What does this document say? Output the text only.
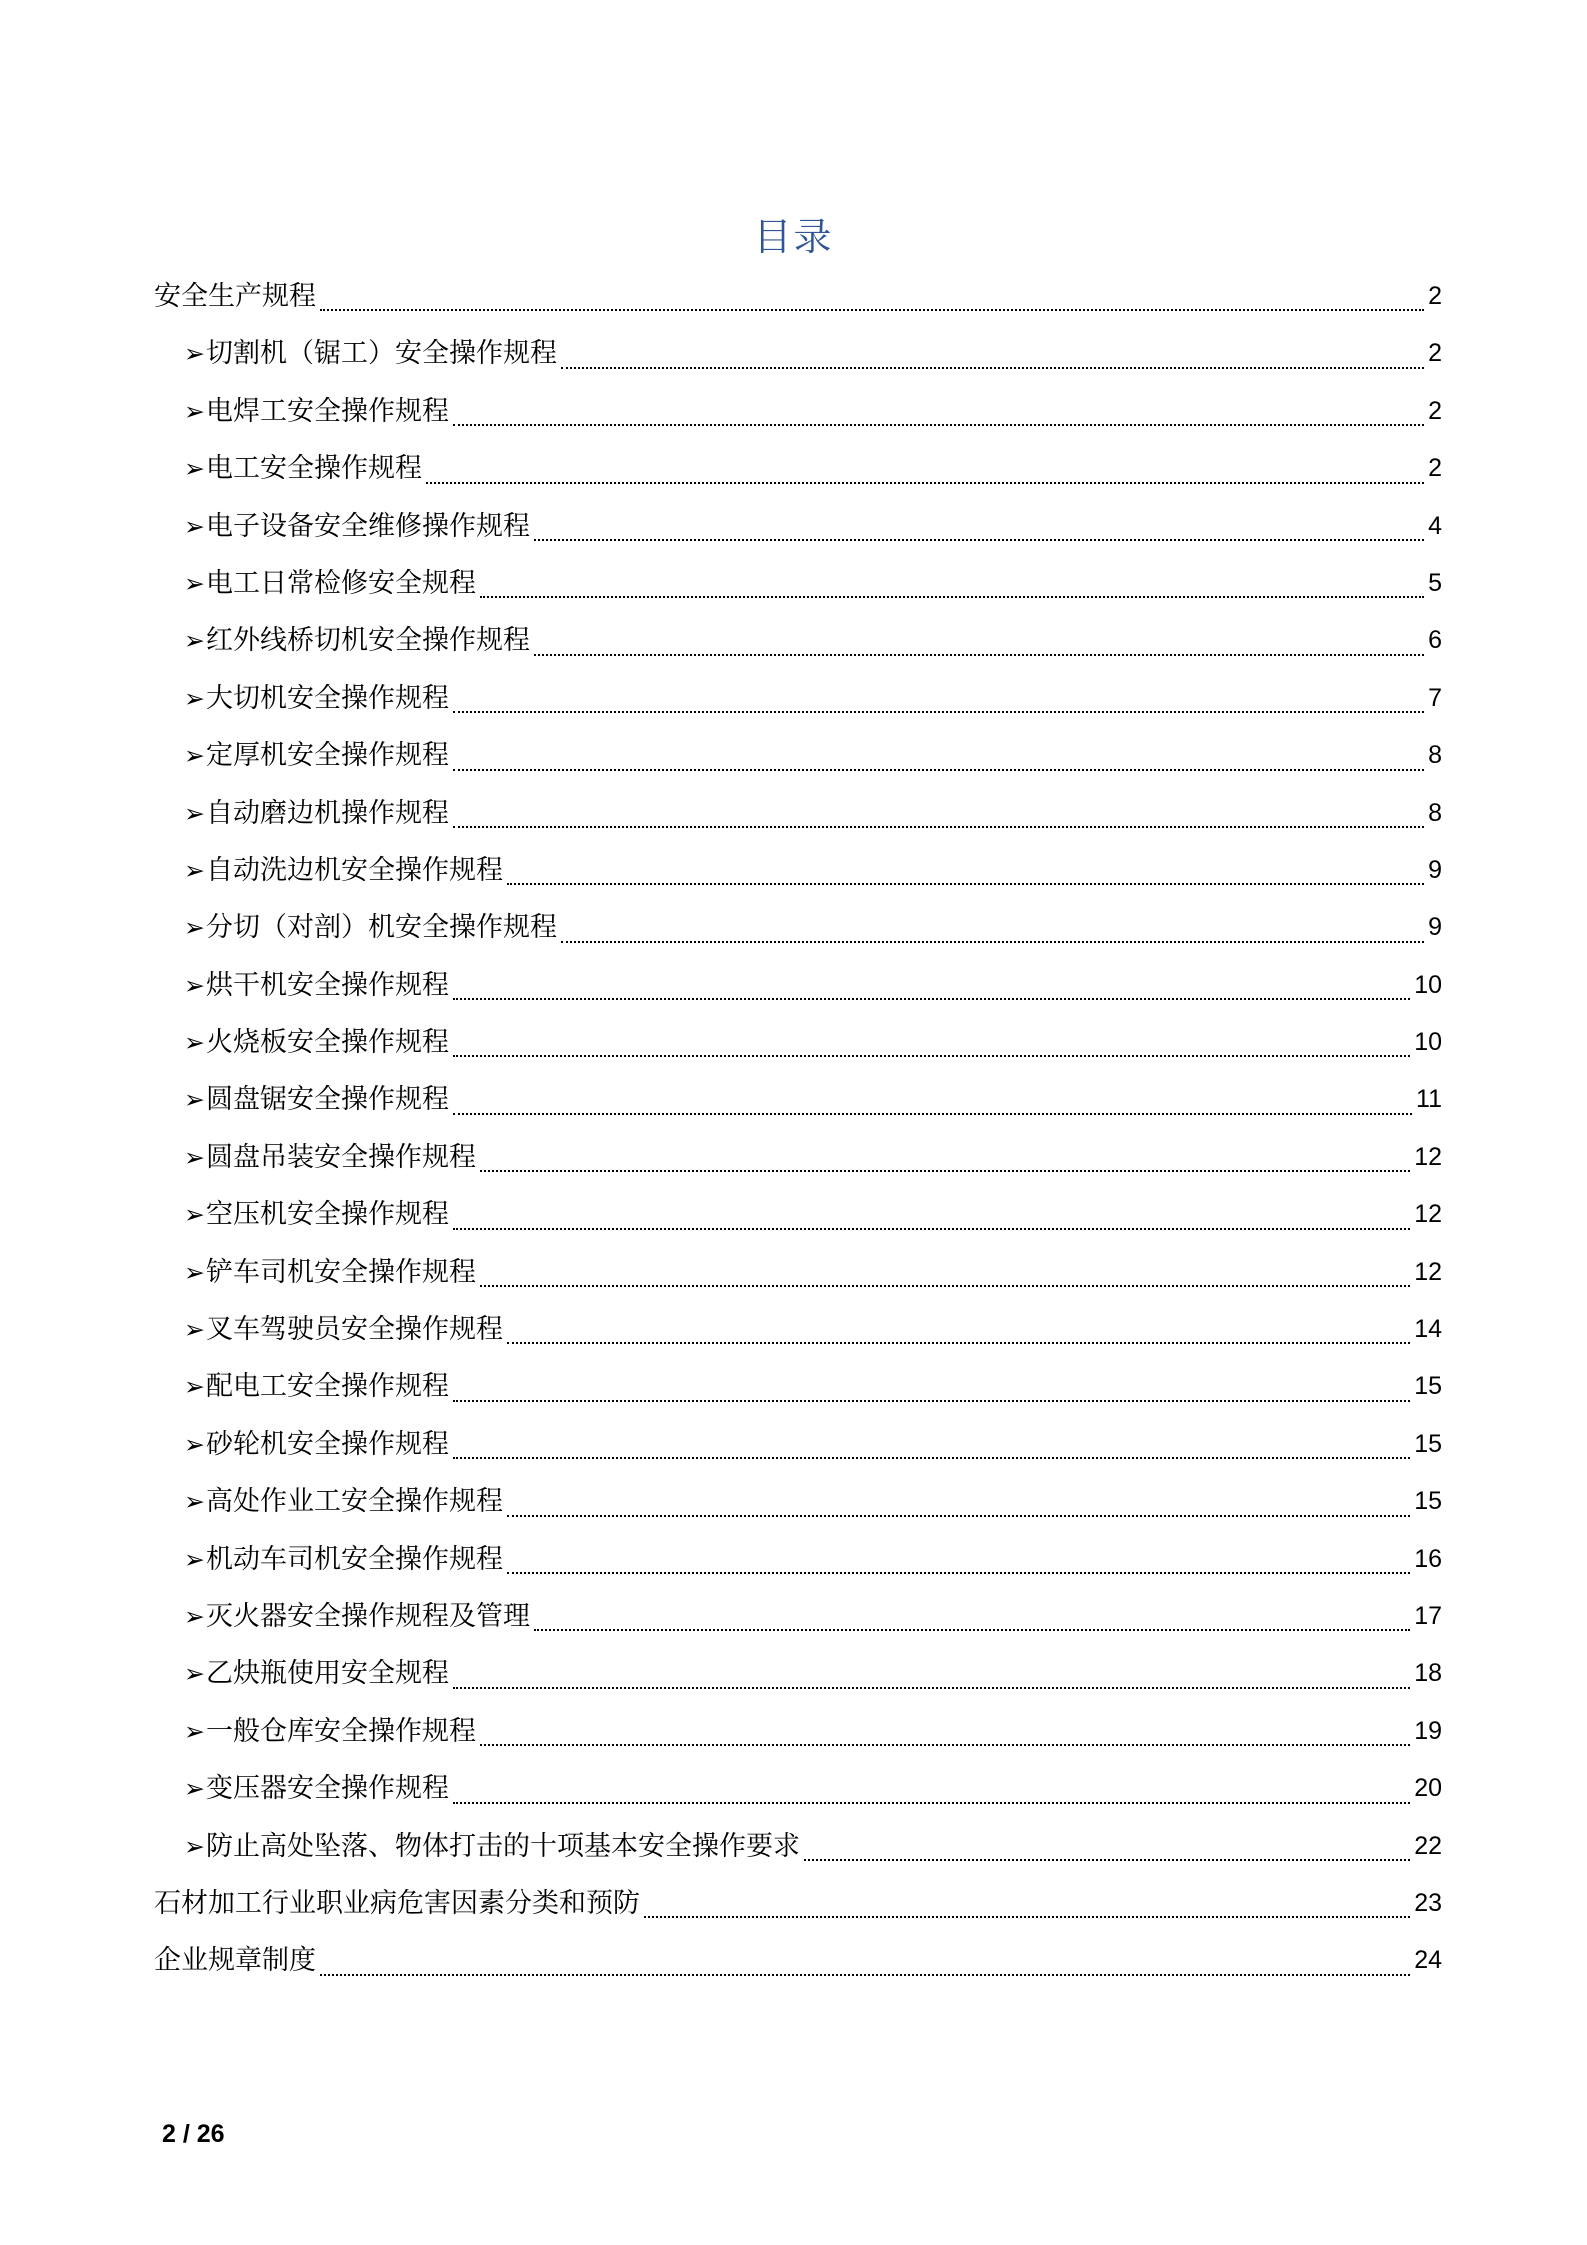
目录
安全生产规程	2
➢ 切割机（锯工）安全操作规程	2
➢ 电焊工安全操作规程	2
➢ 电工安全操作规程	2
➢ 电子设备安全维修操作规程	4
➢ 电工日常检修安全规程	5
➢ 红外线桥切机安全操作规程	6
➢ 大切机安全操作规程	7
➢ 定厚机安全操作规程	8
➢ 自动磨边机操作规程	8
➢ 自动洗边机安全操作规程	9
➢ 分切（对剖）机安全操作规程	9
➢ 烘干机安全操作规程	10
➢ 火烧板安全操作规程	10
➢ 圆盘锯安全操作规程	11
➢ 圆盘吊装安全操作规程	12
➢ 空压机安全操作规程	12
➢ 铲车司机安全操作规程	12
➢ 叉车驾驶员安全操作规程	14
➢ 配电工安全操作规程	15
➢ 砂轮机安全操作规程	15
➢ 高处作业工安全操作规程	15
➢ 机动车司机安全操作规程	16
➢ 灭火器安全操作规程及管理	17
➢ 乙炔瓶使用安全规程	18
➢ 一般仓库安全操作规程	19
➢ 变压器安全操作规程	20
➢ 防止高处坠落、物体打击的十项基本安全操作要求	22
石材加工行业职业病危害因素分类和预防	23
企业规章制度	24
2 / 26
